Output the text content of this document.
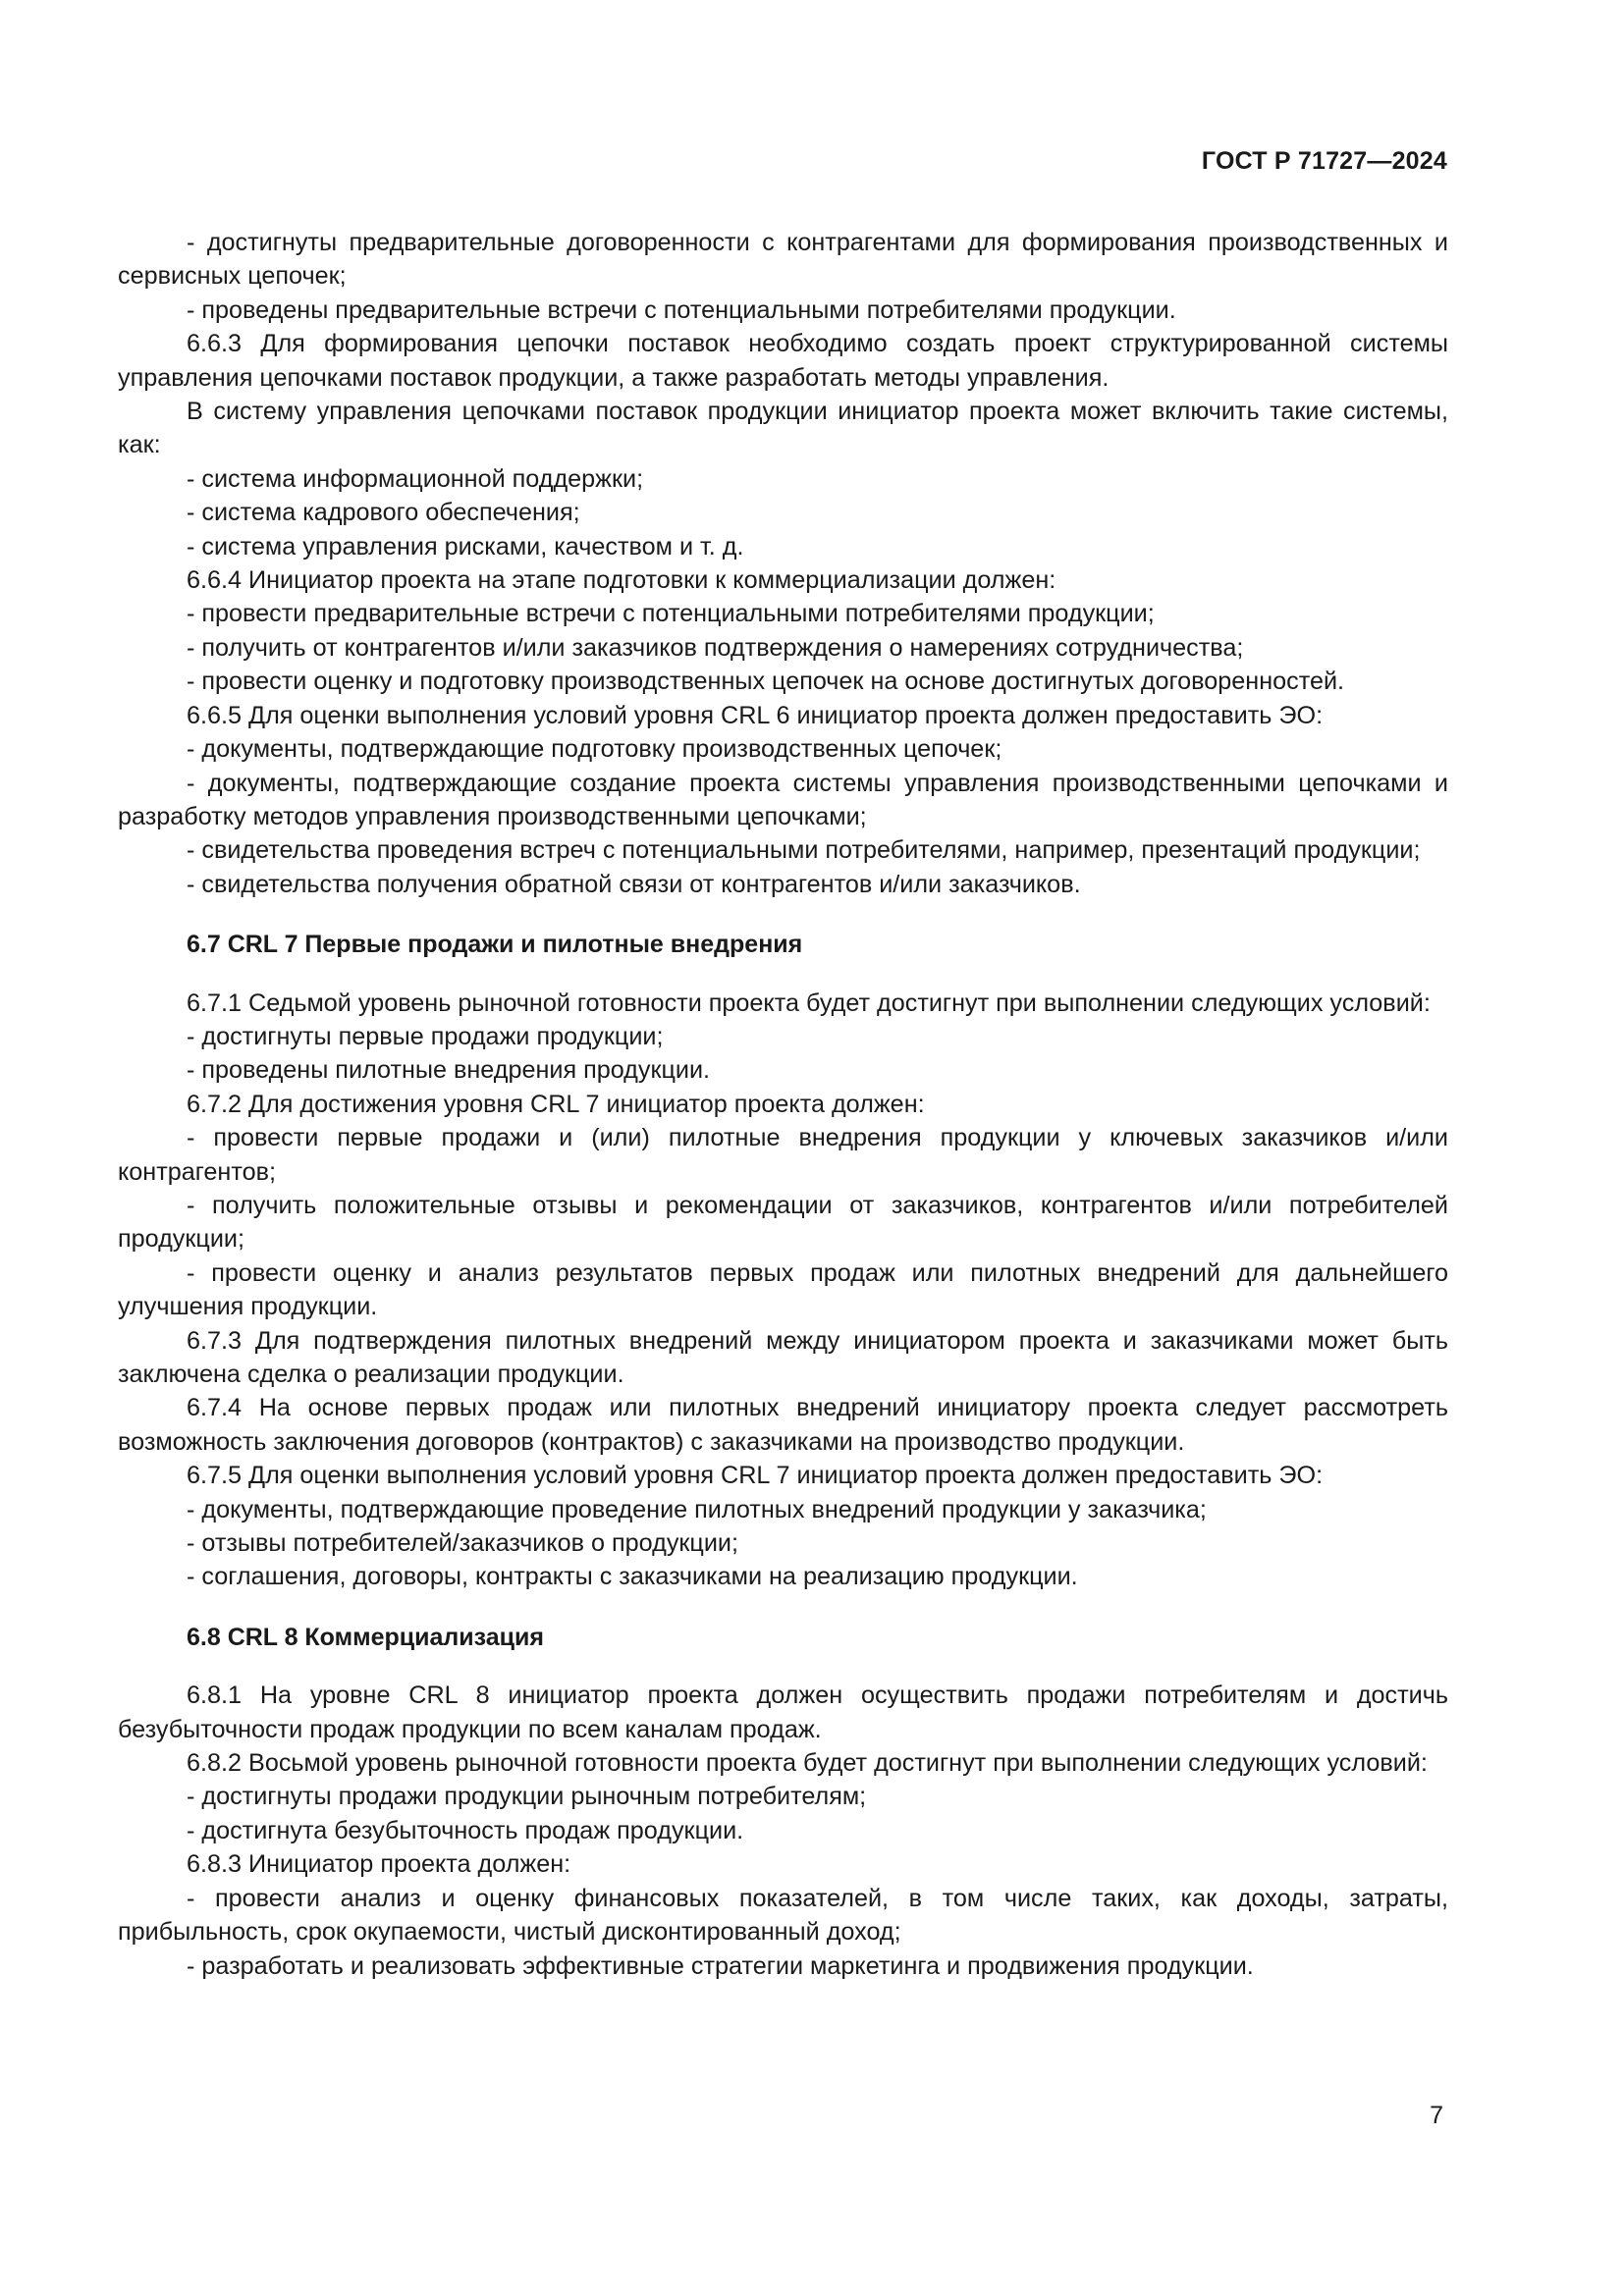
ГОСТ Р 71727—2024
- достигнуты предварительные договоренности с контрагентами для формирования производственных и сервисных цепочек;
- проведены предварительные встречи с потенциальными потребителями продукции.
6.6.3 Для формирования цепочки поставок необходимо создать проект структурированной системы управления цепочками поставок продукции, а также разработать методы управления.
В систему управления цепочками поставок продукции инициатор проекта может включить такие системы, как:
- система информационной поддержки;
- система кадрового обеспечения;
- система управления рисками, качеством и т. д.
6.6.4 Инициатор проекта на этапе подготовки к коммерциализации должен:
- провести предварительные встречи с потенциальными потребителями продукции;
- получить от контрагентов и/или заказчиков подтверждения о намерениях сотрудничества;
- провести оценку и подготовку производственных цепочек на основе достигнутых договоренностей.
6.6.5 Для оценки выполнения условий уровня CRL 6 инициатор проекта должен предоставить ЭО:
- документы, подтверждающие подготовку производственных цепочек;
- документы, подтверждающие создание проекта системы управления производственными цепочками и разработку методов управления производственными цепочками;
- свидетельства проведения встреч с потенциальными потребителями, например, презентаций продукции;
- свидетельства получения обратной связи от контрагентов и/или заказчиков.
6.7 CRL 7 Первые продажи и пилотные внедрения
6.7.1 Седьмой уровень рыночной готовности проекта будет достигнут при выполнении следующих условий:
- достигнуты первые продажи продукции;
- проведены пилотные внедрения продукции.
6.7.2 Для достижения уровня CRL 7 инициатор проекта должен:
- провести первые продажи и (или) пилотные внедрения продукции у ключевых заказчиков и/или контрагентов;
- получить положительные отзывы и рекомендации от заказчиков, контрагентов и/или потребителей продукции;
- провести оценку и анализ результатов первых продаж или пилотных внедрений для дальнейшего улучшения продукции.
6.7.3 Для подтверждения пилотных внедрений между инициатором проекта и заказчиками может быть заключена сделка о реализации продукции.
6.7.4 На основе первых продаж или пилотных внедрений инициатору проекта следует рассмотреть возможность заключения договоров (контрактов) с заказчиками на производство продукции.
6.7.5 Для оценки выполнения условий уровня CRL 7 инициатор проекта должен предоставить ЭО:
- документы, подтверждающие проведение пилотных внедрений продукции у заказчика;
- отзывы потребителей/заказчиков о продукции;
- соглашения, договоры, контракты с заказчиками на реализацию продукции.
6.8 CRL 8 Коммерциализация
6.8.1 На уровне CRL 8 инициатор проекта должен осуществить продажи потребителям и достичь безубыточности продаж продукции по всем каналам продаж.
6.8.2 Восьмой уровень рыночной готовности проекта будет достигнут при выполнении следующих условий:
- достигнуты продажи продукции рыночным потребителям;
- достигнута безубыточность продаж продукции.
6.8.3 Инициатор проекта должен:
- провести анализ и оценку финансовых показателей, в том числе таких, как доходы, затраты, прибыльность, срок окупаемости, чистый дисконтированный доход;
- разработать и реализовать эффективные стратегии маркетинга и продвижения продукции.
7
